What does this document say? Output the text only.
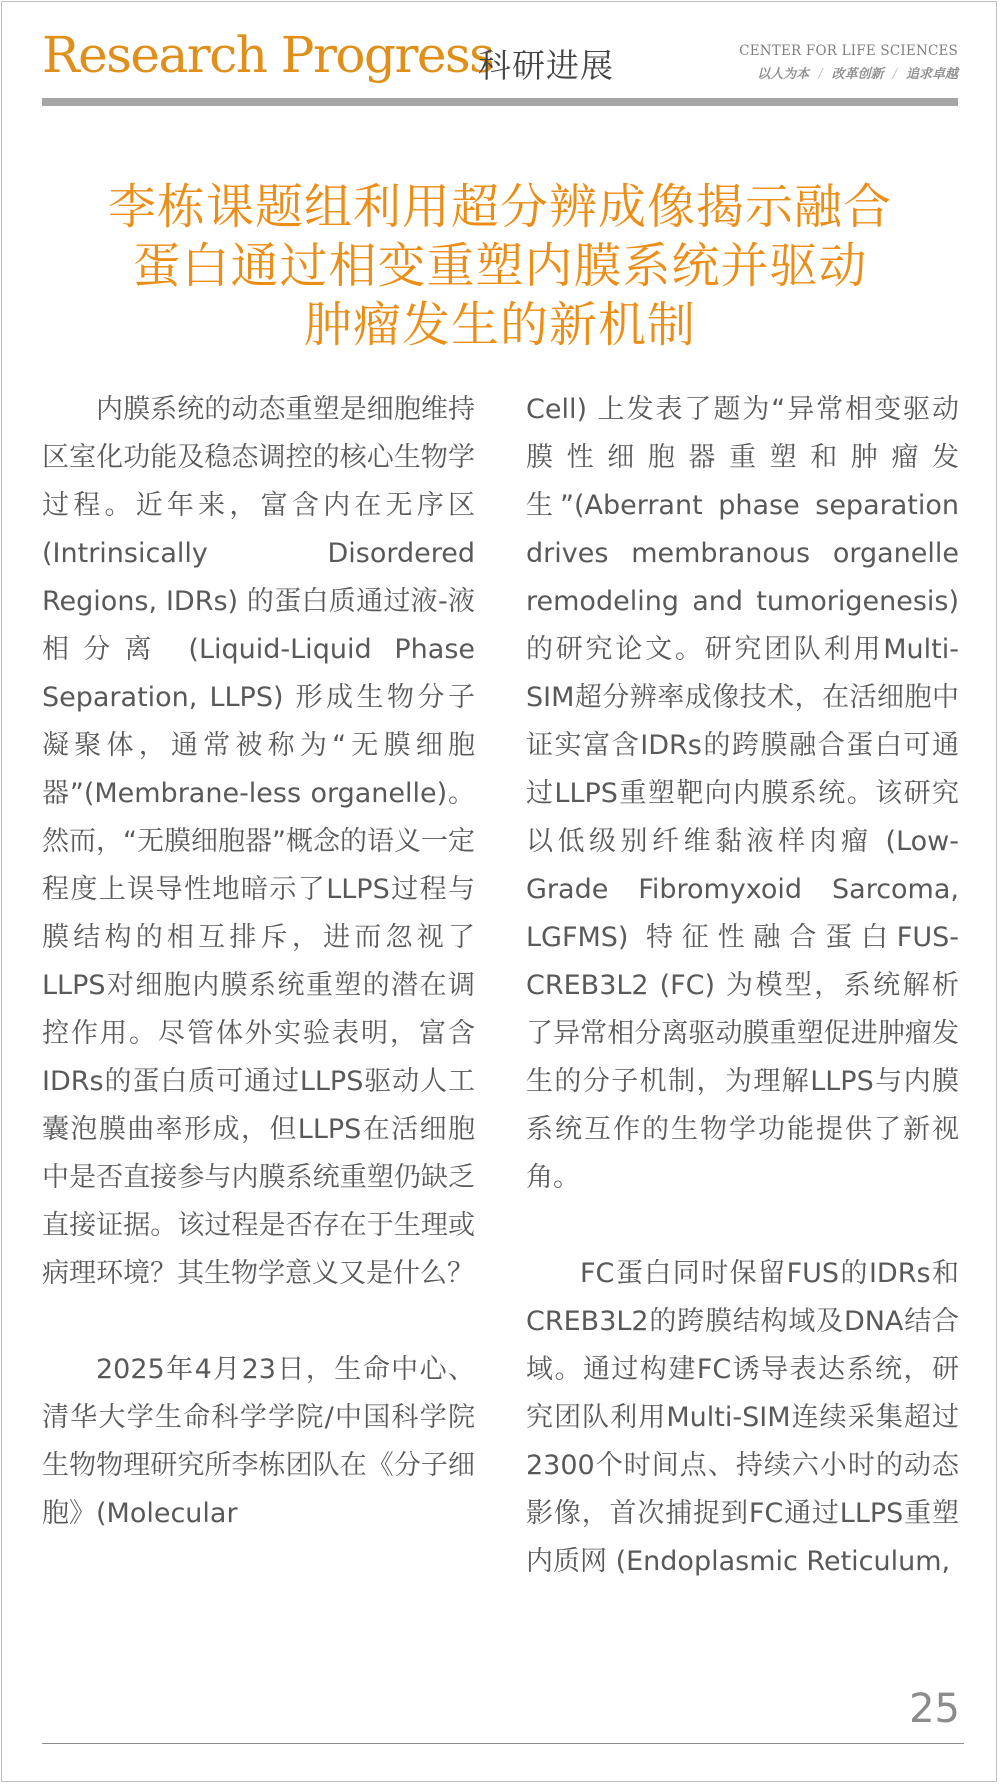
Research Progress
科研进展	CENTER FOR LIFE SCIENCES
以人为本 / 改革创新 / 追求卓越
李栋课题组利用超分辨成像揭示融合
蛋白通过相变重塑内膜系统并驱动
肿瘤发生的新机制

内膜系统的动态重塑是细胞维持区室化功能及稳态调控的核心生物学过程。近年来，富含内在无序区 (Intrinsically Disordered Regions, IDRs) 的蛋白质通过液-液相分离 (Liquid-Liquid Phase Separation, LLPS) 形成生物分子凝聚体，通常被称为“无膜细胞器”(Membrane-less organelle)。然而，“无膜细胞器”概念的语义一定程度上误导性地暗示了LLPS过程与膜结构的相互排斥，进而忽视了LLPS对细胞内膜系统重塑的潜在调控作用。尽管体外实验表明，富含IDRs的蛋白质可通过LLPS驱动人工囊泡膜曲率形成，但LLPS在活细胞中是否直接参与内膜系统重塑仍缺乏直接证据。该过程是否存在于生理或病理环境？其生物学意义又是什么？

2025年4月23日，生命中心、清华大学生命科学学院/中国科学院生物物理研究所李栋团队在《分子细胞》(Molecular

Cell) 上发表了题为“异常相变驱动膜性细胞器重塑和肿瘤发生”(Aberrant phase separation drives membranous organelle remodeling and tumorigenesis) 的研究论文。研究团队利用Multi-SIM超分辨率成像技术，在活细胞中证实富含IDRs的跨膜融合蛋白可通过LLPS重塑靶向内膜系统。该研究以低级别纤维黏液样肉瘤 (Low-Grade Fibromyxoid Sarcoma, LGFMS) 特征性融合蛋白FUS-CREB3L2 (FC) 为模型，系统解析了异常相分离驱动膜重塑促进肿瘤发生的分子机制，为理解LLPS与内膜系统互作的生物学功能提供了新视角。

FC蛋白同时保留FUS的IDRs和CREB3L2的跨膜结构域及DNA结合域。通过构建FC诱导表达系统，研究团队利用Multi-SIM连续采集超过2300个时间点、持续六小时的动态影像，首次捕捉到FC通过LLPS重塑内质网 (Endoplasmic Reticulum,

25
